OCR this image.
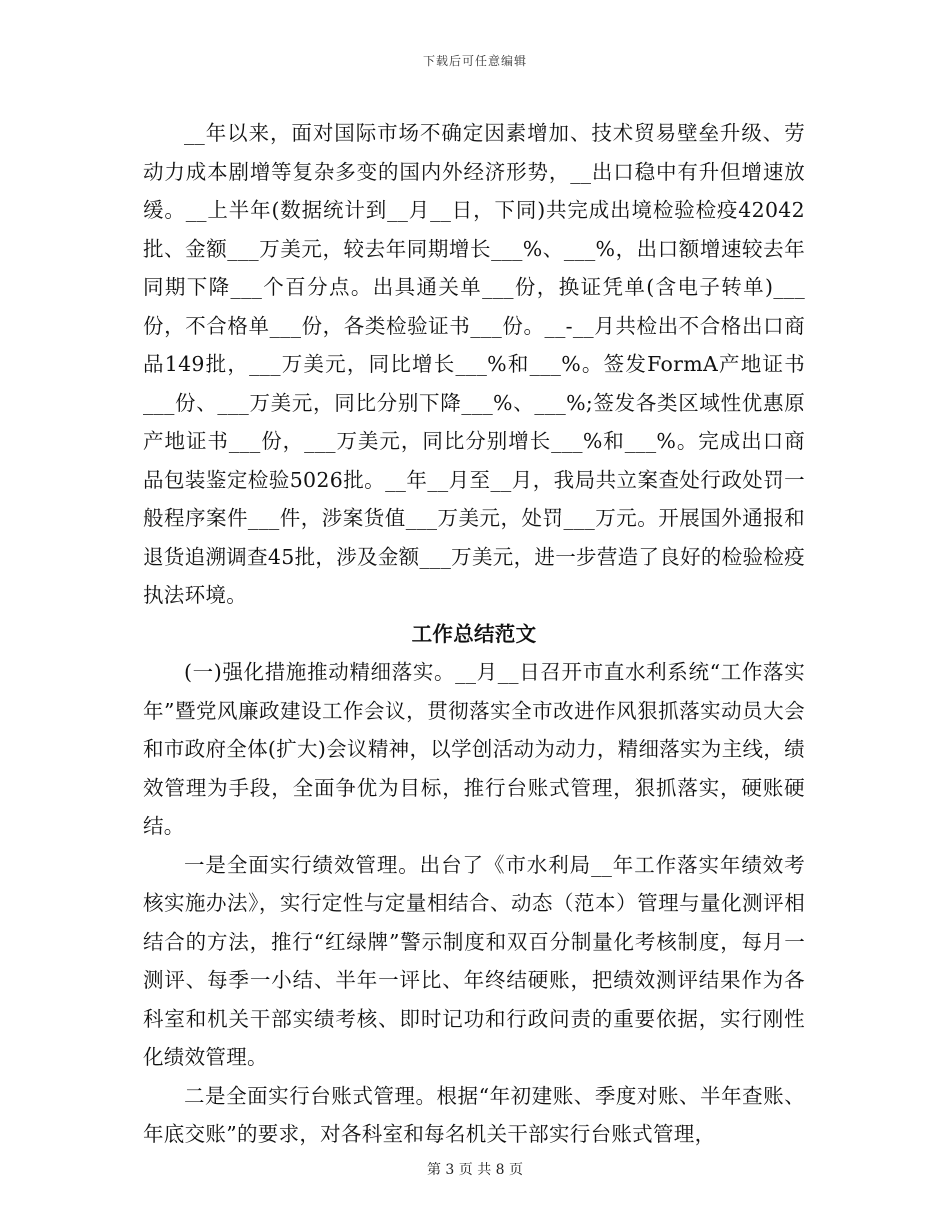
下载后可任意编辑

__年以来，面对国际市场不确定因素增加、技术贸易壁垒升级、劳动力成本剧增等复杂多变的国内外经济形势，__出口稳中有升但增速放缓。__上半年(数据统计到__月__日，下同)共完成出境检验检疫42042批、金额___万美元，较去年同期增长___%、___%，出口额增速较去年同期下降___个百分点。出具通关单___份，换证凭单(含电子转单)___份，不合格单___份，各类检验证书___份。__-__月共检出不合格出口商品149批，___万美元，同比增长___%和___%。签发FormA产地证书___份、___万美元，同比分别下降___%、___%;签发各类区域性优惠原产地证书___份，___万美元，同比分别增长___%和___%。完成出口商品包装鉴定检验5026批。__年__月至__月，我局共立案查处行政处罚一般程序案件___件，涉案货值___万美元，处罚___万元。开展国外通报和退货追溯调查45批，涉及金额___万美元，进一步营造了良好的检验检疫执法环境。

工作总结范文

(一)强化措施推动精细落实。__月__日召开市直水利系统“工作落实年”暨党风廉政建设工作会议，贯彻落实全市改进作风狠抓落实动员大会和市政府全体(扩大)会议精神，以学创活动为动力，精细落实为主线，绩效管理为手段，全面争优为目标，推行台账式管理，狠抓落实，硬账硬结。

一是全面实行绩效管理。出台了《市水利局__年工作落实年绩效考核实施办法》，实行定性与定量相结合、动态（范本）管理与量化测评相结合的方法，推行“红绿牌”警示制度和双百分制量化考核制度，每月一测评、每季一小结、半年一评比、年终结硬账，把绩效测评结果作为各科室和机关干部实绩考核、即时记功和行政问责的重要依据，实行刚性化绩效管理。

二是全面实行台账式管理。根据“年初建账、季度对账、半年查账、年底交账”的要求，对各科室和每名机关干部实行台账式管理，

第 3 页 共 8 页
